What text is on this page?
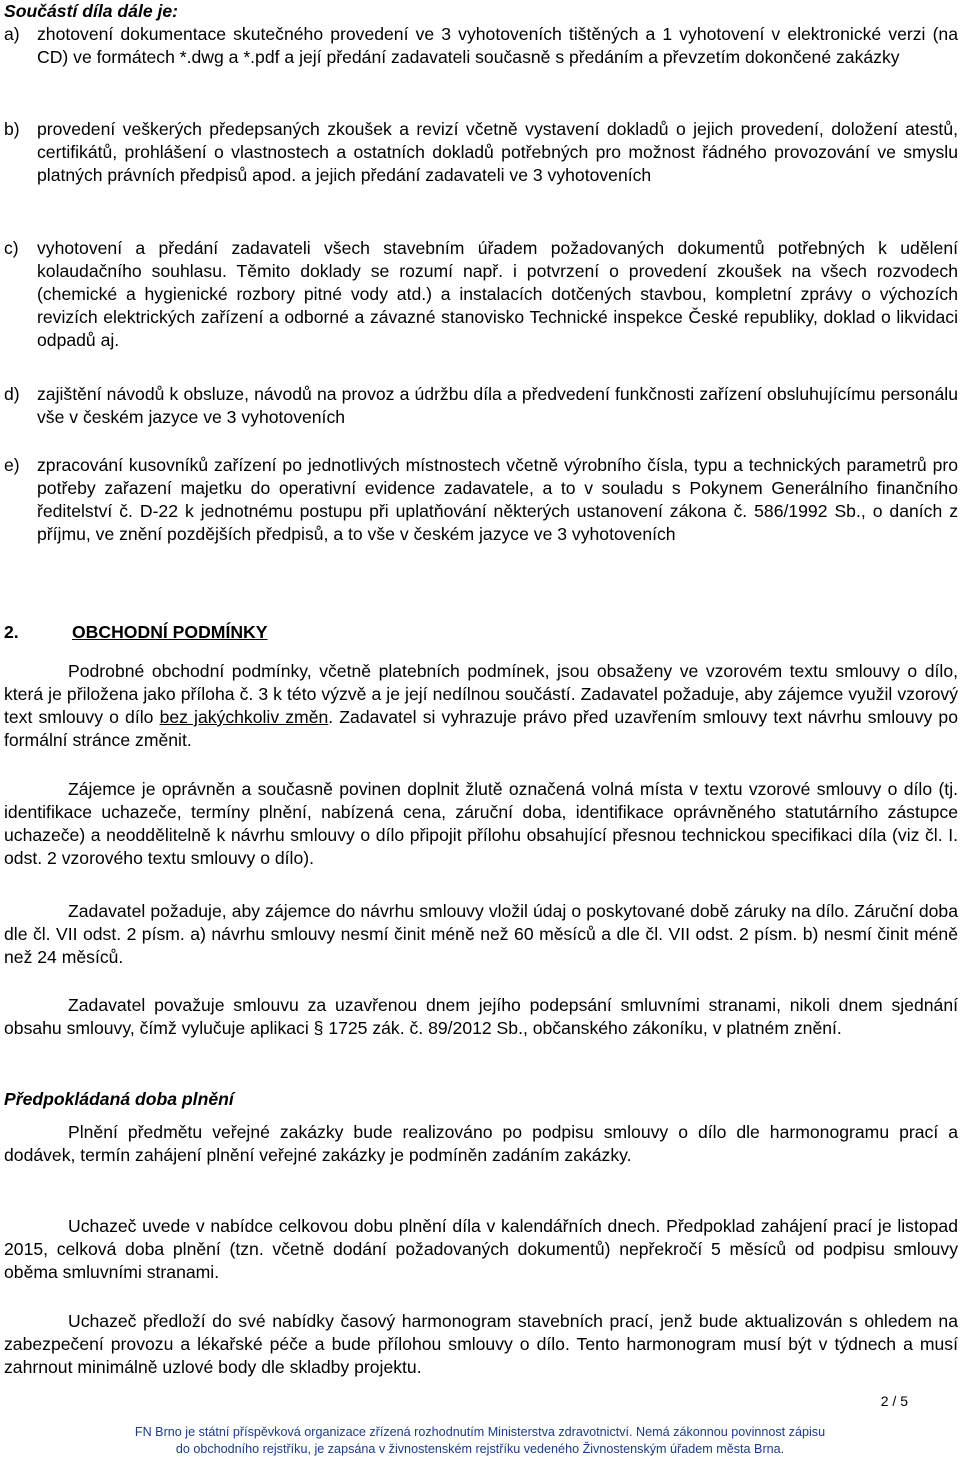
Součástí díla dále je:
a) zhotovení dokumentace skutečného provedení ve 3 vyhotoveních tištěných a 1 vyhotovení v elektronické verzi (na CD) ve formátech *.dwg a *.pdf a její předání zadavateli současně s předáním a převzetím dokončené zakázky
b) provedení veškerých předepsaných zkoušek a revizí včetně vystavení dokladů o jejich provedení, doložení atestů, certifikátů, prohlášení o vlastnostech a ostatních dokladů potřebných pro možnost řádného provozování ve smyslu platných právních předpisů apod. a jejich předání zadavateli ve 3 vyhotoveních
c)	vyhotovení a předání zadavateli všech stavebním úřadem požadovaných dokumentů potřebných k udělení kolaudačního souhlasu. Těmito doklady se rozumí např. i potvrzení o provedení zkoušek na všech rozvodech (chemické a hygienické rozbory pitné vody atd.) a instalacích dotčených stavbou, kompletní zprávy o výchozích revizích elektrických zařízení a odborné a závazné stanovisko Technické inspekce České republiky, doklad o likvidaci odpadů aj.
d) zajištění návodů k obsluze, návodů na provoz a údržbu díla a předvedení funkčnosti zařízení obsluhujícímu personálu vše v českém jazyce ve 3 vyhotoveních
e) zpracování kusovníků zařízení po jednotlivých místnostech včetně výrobního čísla, typu a technických parametrů pro potřeby zařazení majetku do operativní evidence zadavatele, a to v souladu s Pokynem Generálního finančního ředitelství č. D-22 k jednotnému postupu při uplatňování některých ustanovení zákona č. 586/1992 Sb., o daních z příjmu, ve znění pozdějších předpisů, a to vše v českém jazyce ve 3 vyhotoveních
2.	OBCHODNÍ PODMÍNKY
Podrobné obchodní podmínky, včetně platebních podmínek, jsou obsaženy ve vzorovém textu smlouvy o dílo, která je přiložena jako příloha č. 3 k této výzvě a je její nedílnou součástí. Zadavatel požaduje, aby zájemce využil vzorový text smlouvy o dílo bez jakýchkoliv změn. Zadavatel si vyhrazuje právo před uzavřením smlouvy text návrhu smlouvy po formální stránce změnit.
Zájemce je oprávněn a současně povinen doplnit žlutě označená volná místa v textu vzorové smlouvy o dílo (tj. identifikace uchazeče, termíny plnění, nabízená cena, záruční doba, identifikace oprávněného statutárního zástupce uchazeče) a neoddělitelně k návrhu smlouvy o dílo připojit přílohu obsahující přesnou technickou specifikaci díla (viz čl. I. odst. 2 vzorového textu smlouvy o dílo).
Zadavatel požaduje, aby zájemce do návrhu smlouvy vložil údaj o poskytované době záruky na dílo. Záruční doba dle čl. VII odst. 2 písm. a) návrhu smlouvy nesmí činit méně než 60 měsíců a dle čl. VII odst. 2 písm. b) nesmí činit méně než 24 měsíců.
Zadavatel považuje smlouvu za uzavřenou dnem jejího podepsání smluvními stranami, nikoli dnem sjednání obsahu smlouvy, čímž vylučuje aplikaci § 1725 zák. č. 89/2012 Sb., občanského zákoníku, v platném znění.
Předpokládaná doba plnění
Plnění předmětu veřejné zakázky bude realizováno po podpisu smlouvy o dílo dle harmonogramu prací a dodávek, termín zahájení plnění veřejné zakázky je podmíněn zadáním zakázky.
Uchazeč uvede v nabídce celkovou dobu plnění díla v kalendářních dnech. Předpoklad zahájení prací je listopad 2015, celková doba plnění (tzn. včetně dodání požadovaných dokumentů) nepřekročí 5 měsíců od podpisu smlouvy oběma smluvními stranami.
Uchazeč předloží do své nabídky časový harmonogram stavebních prací, jenž bude aktualizován s ohledem na zabezpečení provozu a lékařské péče a bude přílohou smlouvy o dílo. Tento harmonogram musí být v týdnech a musí zahrnout minimálně uzlové body dle skladby projektu.
2 / 5
FN Brno je státní příspěvková organizace zřízená rozhodnutím Ministerstva zdravotnictví. Nemá zákonnou povinnost zápisu
do obchodního rejstříku, je zapsána v živnostenském rejstříku vedeného Živnostenským úřadem města Brna.
